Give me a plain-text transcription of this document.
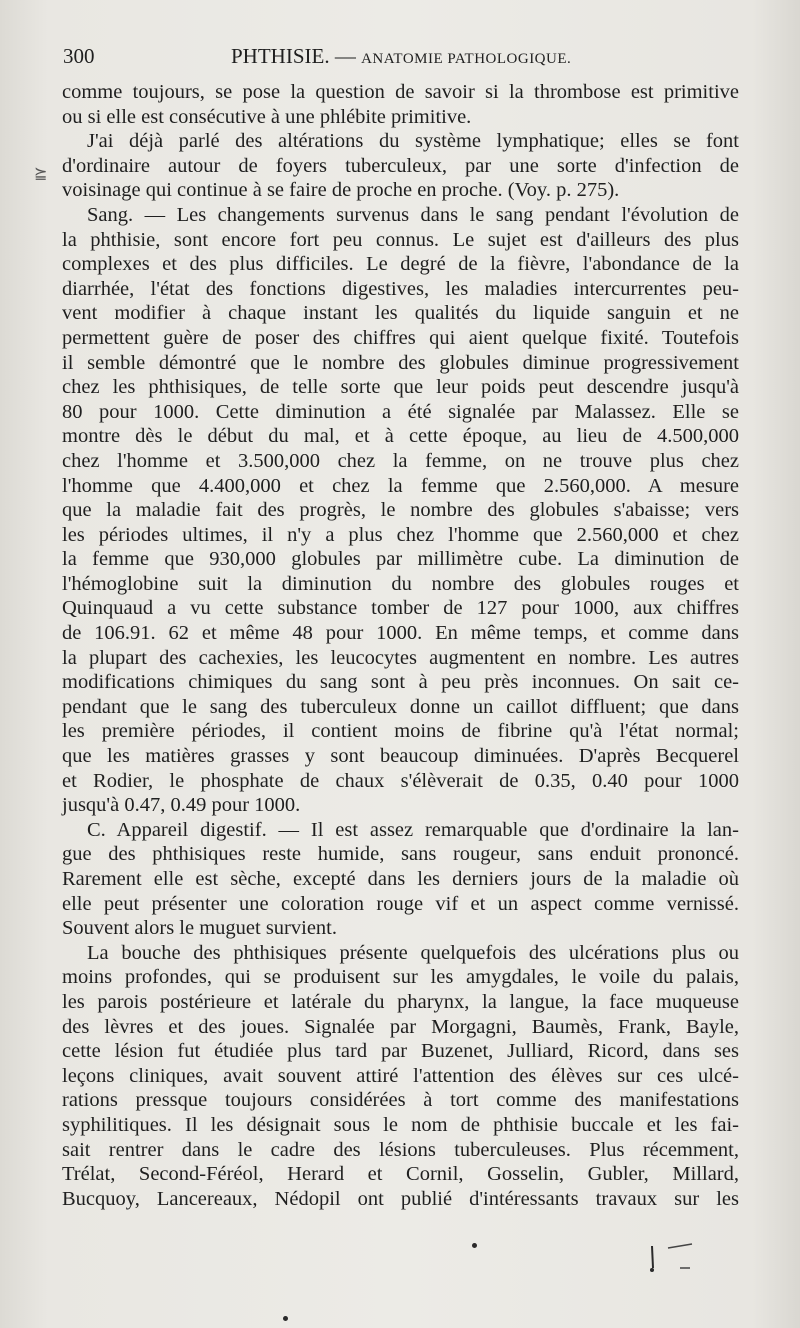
300	PHTHISIE. — ANATOMIE PATHOLOGIQUE.
⪴
comme toujours, se pose la question de savoir si la thrombose est primitive
ou si elle est consécutive à une phlébite primitive.
J'ai déjà parlé des altérations du système lymphatique; elles se font
d'ordinaire autour de foyers tuberculeux, par une sorte d'infection de
voisinage qui continue à se faire de proche en proche. (Voy. p. 275).
Sang. — Les changements survenus dans le sang pendant l'évolution de
la phthisie, sont encore fort peu connus. Le sujet est d'ailleurs des plus
complexes et des plus difficiles. Le degré de la fièvre, l'abondance de la
diarrhée, l'état des fonctions digestives, les maladies intercurrentes peu-
vent modifier à chaque instant les qualités du liquide sanguin et ne
permettent guère de poser des chiffres qui aient quelque fixité. Toutefois
il semble démontré que le nombre des globules diminue progressivement
chez les phthisiques, de telle sorte que leur poids peut descendre jusqu'à
80 pour 1000. Cette diminution a été signalée par Malassez. Elle se
montre dès le début du mal, et à cette époque, au lieu de 4.500,000
chez l'homme et 3.500,000 chez la femme, on ne trouve plus chez
l'homme que 4.400,000 et chez la femme que 2.560,000. A mesure
que la maladie fait des progrès, le nombre des globules s'abaisse; vers
les périodes ultimes, il n'y a plus chez l'homme que 2.560,000 et chez
la femme que 930,000 globules par millimètre cube. La diminution de
l'hémoglobine suit la diminution du nombre des globules rouges et
Quinquaud a vu cette substance tomber de 127 pour 1000, aux chiffres
de 106.91. 62 et même 48 pour 1000. En même temps, et comme dans
la plupart des cachexies, les leucocytes augmentent en nombre. Les autres
modifications chimiques du sang sont à peu près inconnues. On sait ce-
pendant que le sang des tuberculeux donne un caillot diffluent; que dans
les première périodes, il contient moins de fibrine qu'à l'état normal;
que les matières grasses y sont beaucoup diminuées. D'après Becquerel
et Rodier, le phosphate de chaux s'élèverait de 0.35, 0.40 pour 1000
jusqu'à 0.47, 0.49 pour 1000.
C. Appareil digestif. — Il est assez remarquable que d'ordinaire la lan-
gue des phthisiques reste humide, sans rougeur, sans enduit prononcé.
Rarement elle est sèche, excepté dans les derniers jours de la maladie où
elle peut présenter une coloration rouge vif et un aspect comme vernissé.
Souvent alors le muguet survient.
La bouche des phthisiques présente quelquefois des ulcérations plus ou
moins profondes, qui se produisent sur les amygdales, le voile du palais,
les parois postérieure et latérale du pharynx, la langue, la face muqueuse
des lèvres et des joues. Signalée par Morgagni, Baumès, Frank, Bayle,
cette lésion fut étudiée plus tard par Buzenet, Julliard, Ricord, dans ses
leçons cliniques, avait souvent attiré l'attention des élèves sur ces ulcé-
rations pressque toujours considérées à tort comme des manifestations
syphilitiques. Il les désignait sous le nom de phthisie buccale et les fai-
sait rentrer dans le cadre des lésions tuberculeuses. Plus récemment,
Trélat, Second-Féréol, Herard et Cornil, Gosselin, Gubler, Millard,
Bucquoy, Lancereaux, Nédopil ont publié d'intéressants travaux sur les
